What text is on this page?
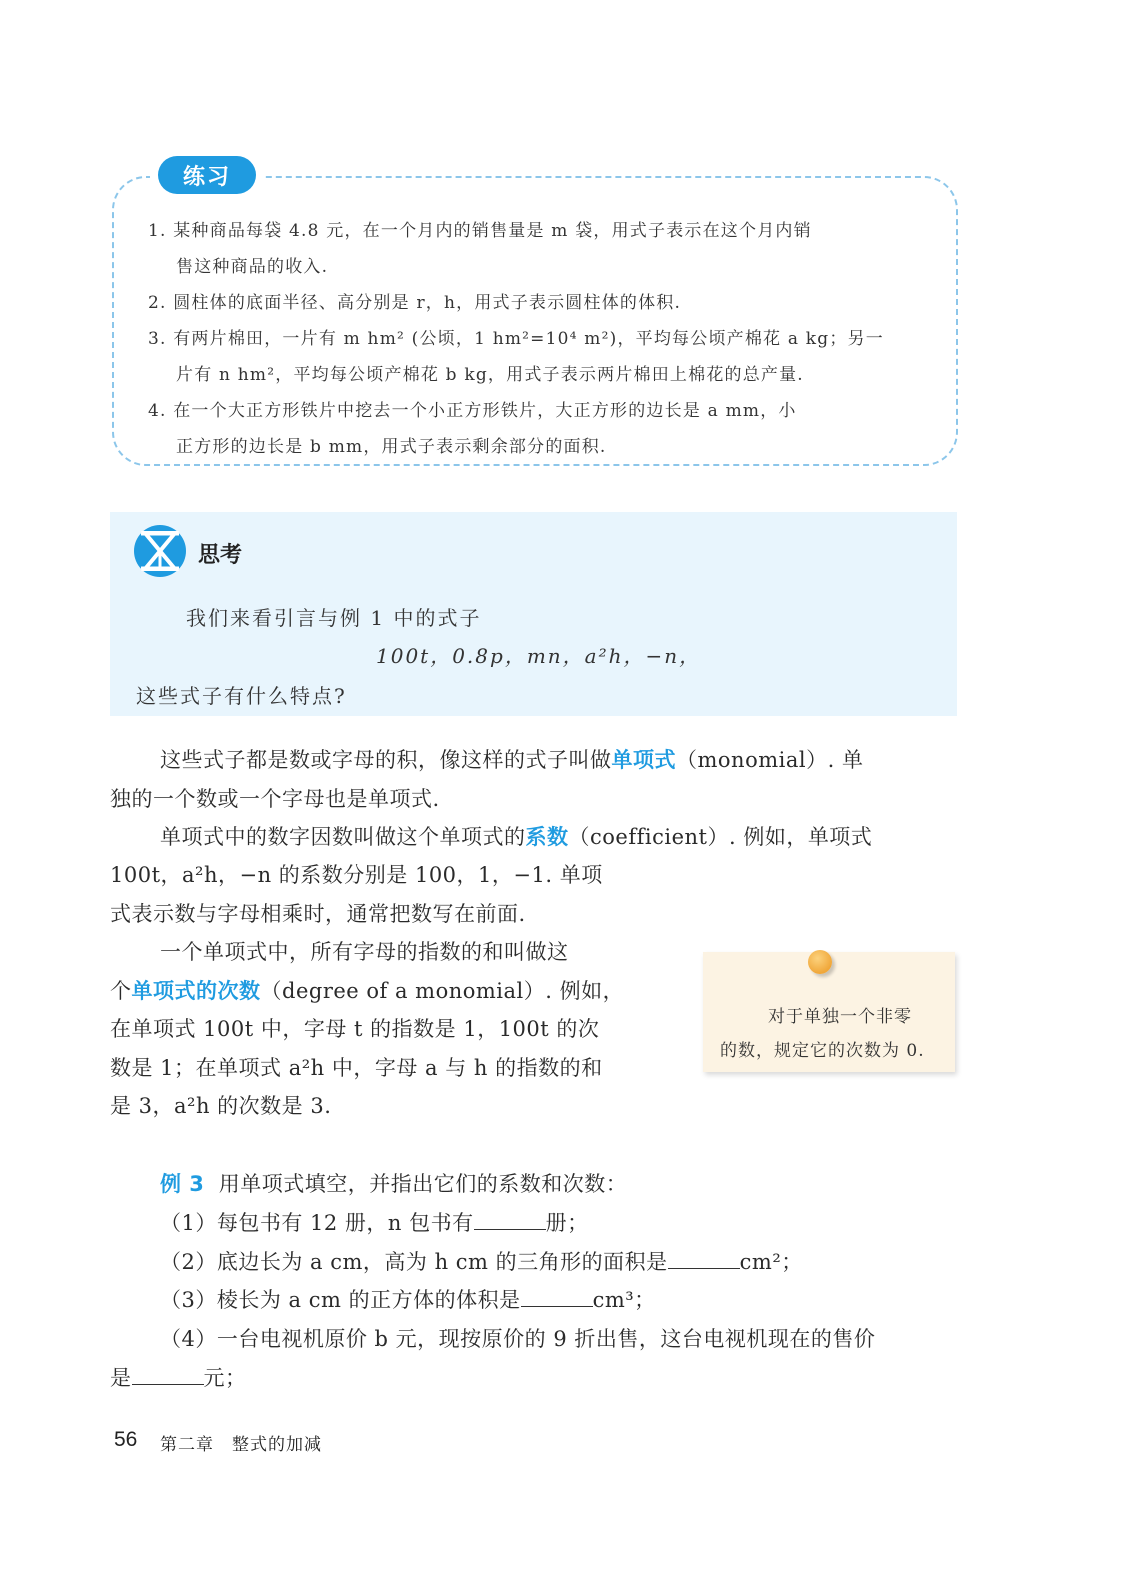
练习
1. 某种商品每袋 4.8 元，在一个月内的销售量是 m 袋，用式子表示在这个月内销
售这种商品的收入.
2. 圆柱体的底面半径、高分别是 r，h，用式子表示圆柱体的体积.
3. 有两片棉田，一片有 m hm² (公顷，1 hm²=10⁴ m²)，平均每公顷产棉花 a kg；另一
片有 n hm²，平均每公顷产棉花 b kg，用式子表示两片棉田上棉花的总产量.
4. 在一个大正方形铁片中挖去一个小正方形铁片，大正方形的边长是 a mm，小
正方形的边长是 b mm，用式子表示剩余部分的面积.
思考
我们来看引言与例 1 中的式子
100t，0.8p，mn，a²h，−n，
这些式子有什么特点?
这些式子都是数或字母的积，像这样的式子叫做单项式（monomial）. 单
独的一个数或一个字母也是单项式.
单项式中的数字因数叫做这个单项式的系数（coefficient）. 例如，单项式
100t，a²h，−n 的系数分别是 100，1，−1. 单项
式表示数与字母相乘时，通常把数写在前面.
一个单项式中，所有字母的指数的和叫做这
个单项式的次数（degree of a monomial）. 例如，
在单项式 100t 中，字母 t 的指数是 1，100t 的次
数是 1；在单项式 a²h 中，字母 a 与 h 的指数的和
是 3，a²h 的次数是 3.
对于单独一个非零
的数，规定它的次数为 0.
例 3 用单项式填空，并指出它们的系数和次数：
（1）每包书有 12 册，n 包书有	册；
（2）底边长为 a cm，高为 h cm 的三角形的面积是	cm²；
（3）棱长为 a cm 的正方体的体积是	cm³；
（4）一台电视机原价 b 元，现按原价的 9 折出售，这台电视机现在的售价
是	元；
56 第二章 整式的加减
